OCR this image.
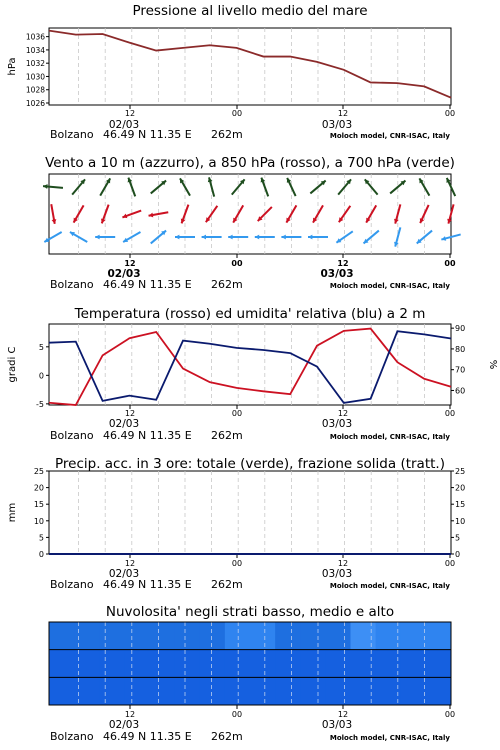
Pressione al livello medio del mare
12	00	12	00
02/03	03/03
Bolzano 46.49 N 11.35 E 262m	Moloch model, CNR-ISAC, Italy
1026
1028
1030
1032
1034
1036
hPa
Vento a 10 m (azzurro), a 850 hPa (rosso), a 700 hPa (verde)
12	00	12	00
02/03	03/03
Bolzano 46.49 N 11.35 E 262m	Moloch model, CNR-ISAC, Italy
Temperatura (rosso) ed umidita' relativa (blu) a 2 m
12	00	12	00
02/03	03/03
Bolzano 46.49 N 11.35 E 262m	Moloch model, CNR-ISAC, Italy
-5
0
5
60
70
80
90
gradi C	%
Precip. acc. in 3 ore: totale (verde), frazione solida (tratt.)
12	00	12	00
02/03	03/03
Bolzano 46.49 N 11.35 E 262m	Moloch model, CNR-ISAC, Italy
0	0
5	5
10	10
15	15
20	20
25	25
mm
Nuvolosita' negli strati basso, medio e alto
12	00	12	00
02/03	03/03
Bolzano 46.49 N 11.35 E 262m	Moloch model, CNR-ISAC, Italy
